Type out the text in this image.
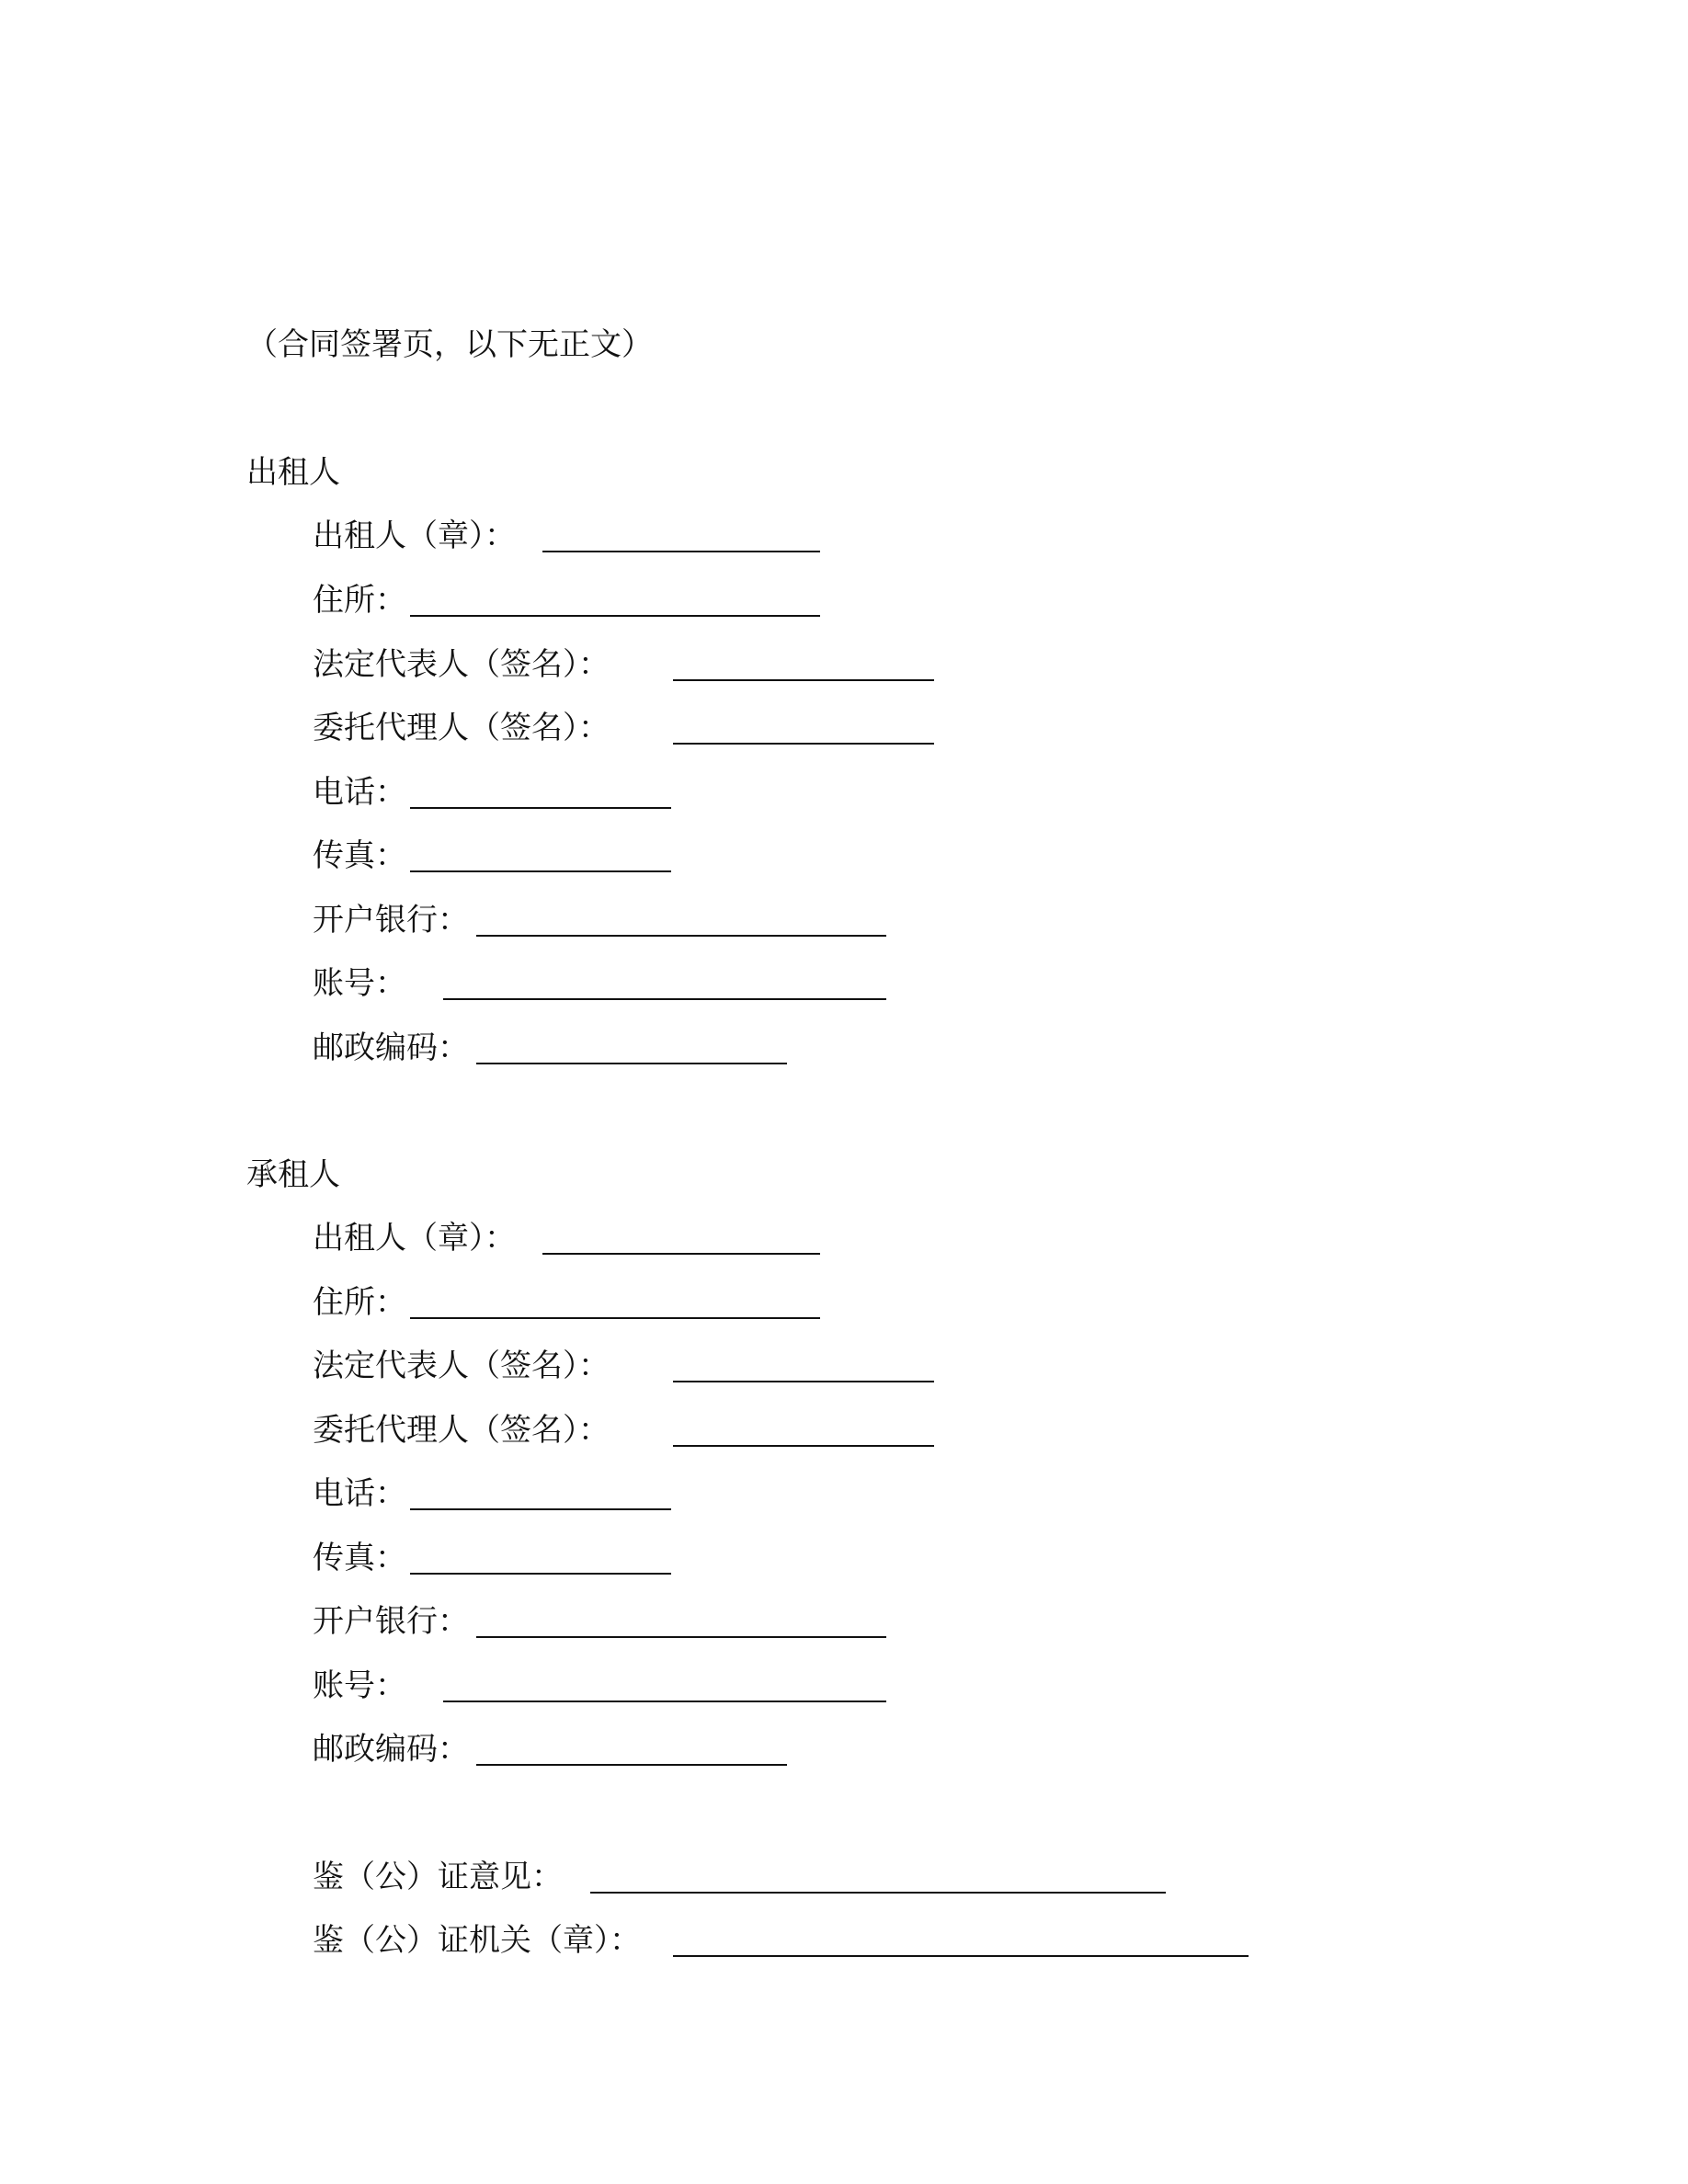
（合同签署页，以下无正文）
出租人
出租人（章）：
住所：
法定代表人（签名）：
委托代理人（签名）：
电话：
传真：
开户银行：
账号：
邮政编码：
承租人
出租人（章）：
住所：
法定代表人（签名）：
委托代理人（签名）：
电话：
传真：
开户银行：
账号：
邮政编码：
鉴（公）证意见：
鉴（公）证机关（章）：
